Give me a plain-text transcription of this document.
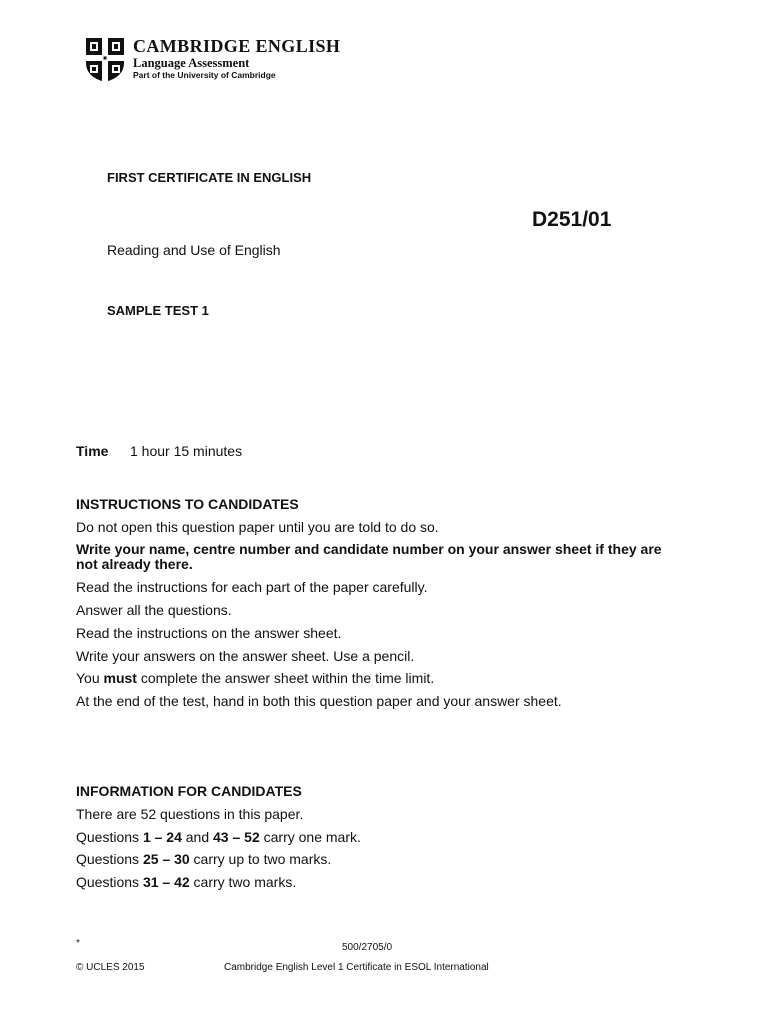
CAMBRIDGE ENGLISH
Language Assessment
Part of the University of Cambridge
FIRST CERTIFICATE IN ENGLISH
D251/01
Reading and Use of English
SAMPLE TEST 1
Time 1 hour 15 minutes
INSTRUCTIONS TO CANDIDATES
Do not open this question paper until you are told to do so.
Write your name, centre number and candidate number on your answer sheet if they are
not already there.
Read the instructions for each part of the paper carefully.
Answer all the questions.
Read the instructions on the answer sheet.
Write your answers on the answer sheet. Use a pencil.
You must complete the answer sheet within the time limit.
At the end of the test, hand in both this question paper and your answer sheet.
INFORMATION FOR CANDIDATES
There are 52 questions in this paper.
Questions 1 – 24 and 43 – 52 carry one mark.
Questions 25 – 30 carry up to two marks.
Questions 31 – 42 carry two marks.
*	500/2705/0
© UCLES 2015	Cambridge English Level 1 Certificate in ESOL International
